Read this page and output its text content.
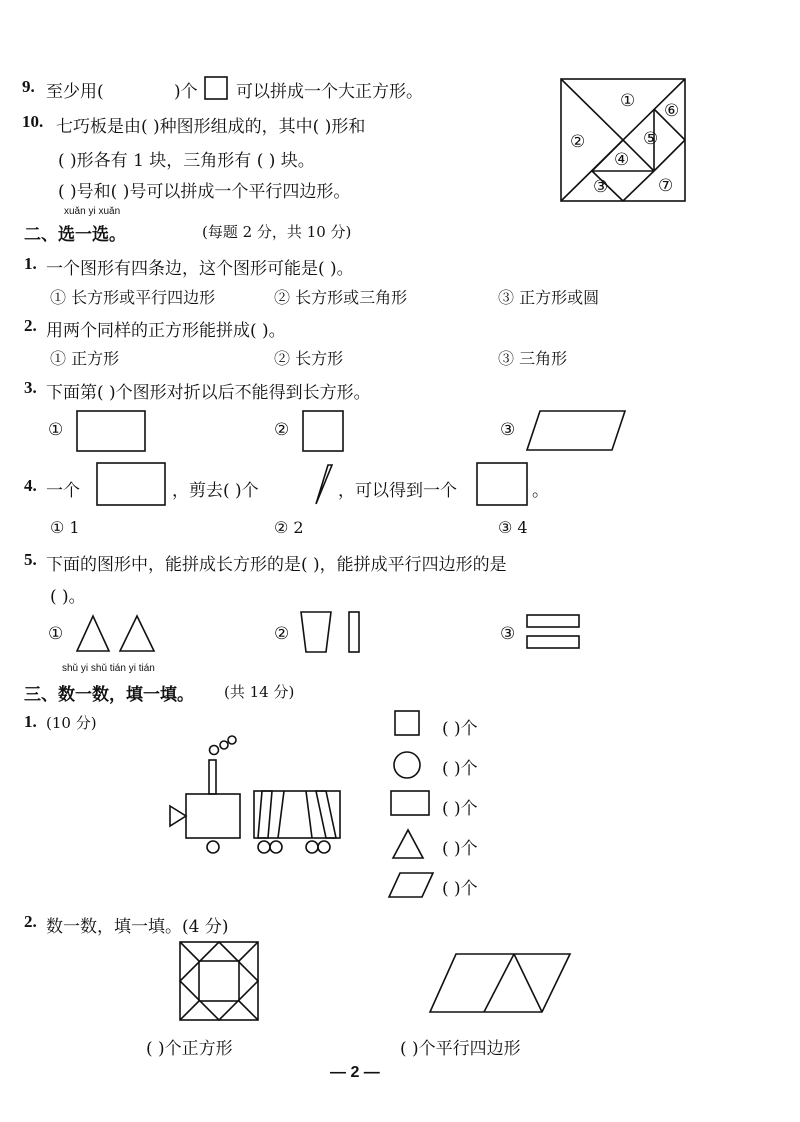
9. 至少用(	)个 可以拼成一个大正方形。
10. 七巧板是由( )种图形组成的，其中( )形和
( )形各有 1 块，三角形有 ( ) 块。
( )号和( )号可以拼成一个平行四边形。
① ⑥
②	⑤
④
③	⑦
xuǎn yi xuǎn
二、选一选。	(每题 2 分，共 10 分)
1. 一个图形有四条边，这个图形可能是( )。
① 长方形或平行四边形	② 长方形或三角形	③ 正方形或圆
2. 用两个同样的正方形能拼成( )。
① 正方形	② 长方形	③ 三角形
3. 下面第( )个图形对折以后不能得到长方形。
①	②	③
4. 一个	，剪去( )个	，可以得到一个	。
① 1	② 2	③ 4
5. 下面的图形中，能拼成长方形的是( )，能拼成平行四边形的是
( )。
①	②	③
shǔ yi shǔ tián yi tián
三、数一数，填一填。 (共 14 分)
1. (10 分)	( )个
( )个
( )个
( )个
( )个
2. 数一数，填一填。(4 分)
( )个正方形	( )个平行四边形
— 2 —
